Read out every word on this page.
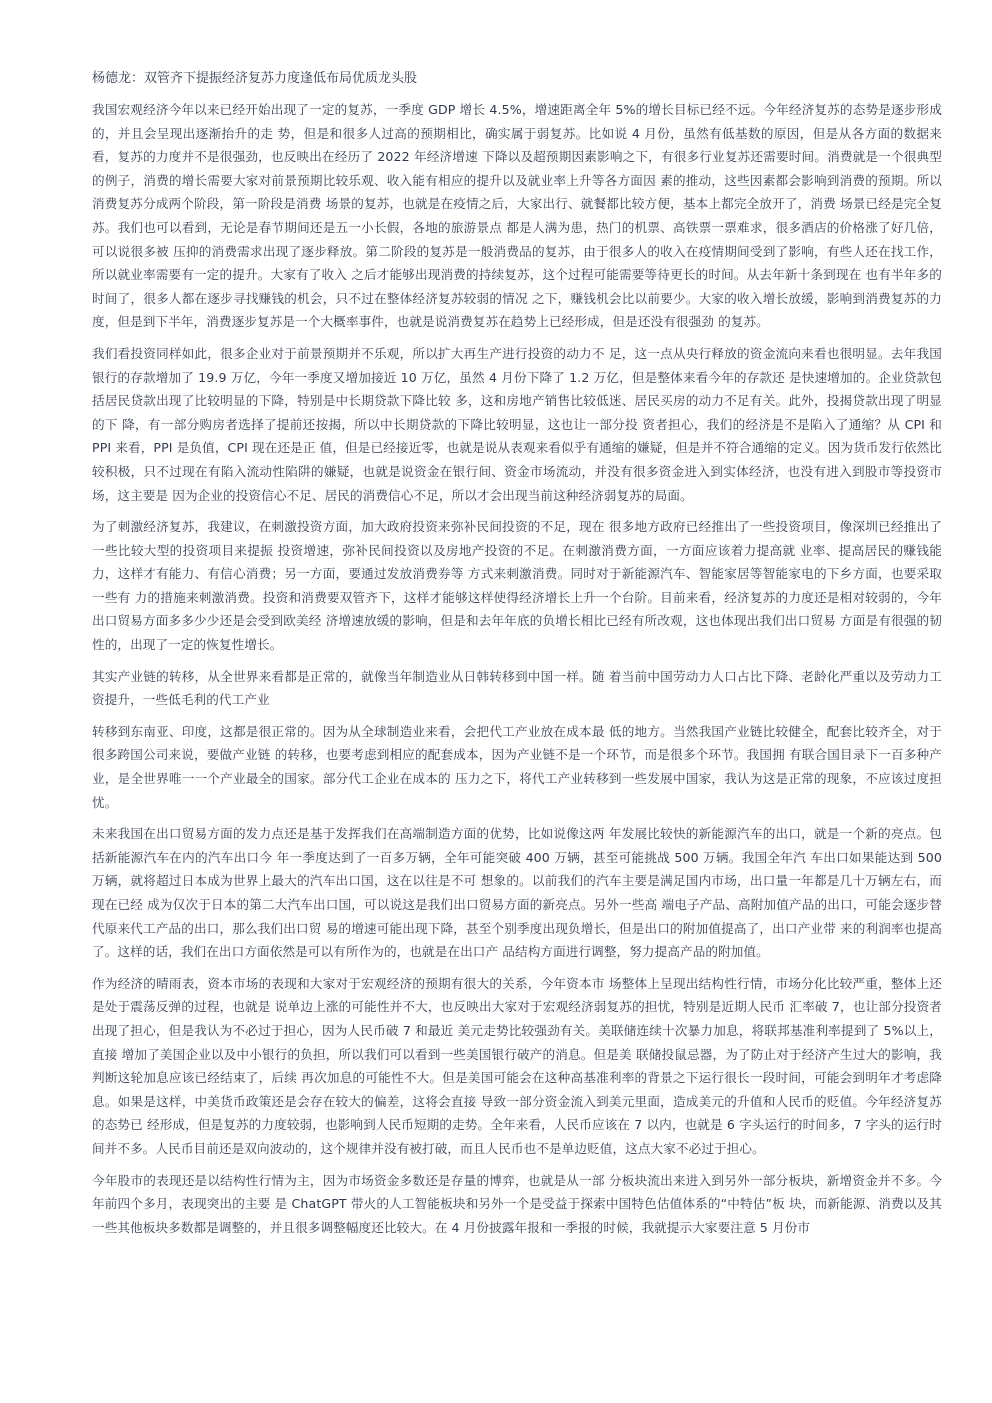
杨德龙：双管齐下提振经济复苏力度逢低布局优质龙头股

我国宏观经济今年以来已经开始出现了一定的复苏，一季度 GDP 增长 4.5%，增速距离全年 5%的增长目标已经不远。今年经济复苏的态势是逐步形成的，并且会呈现出逐渐抬升的走 势，但是和很多人过高的预期相比，确实属于弱复苏。比如说 4 月份，虽然有低基数的原因，但是从各方面的数据来看，复苏的力度并不是很强劲，也反映出在经历了 2022 年经济增速 下降以及超预期因素影响之下，有很多行业复苏还需要时间。消费就是一个很典型的例子，消费的增长需要大家对前景预期比较乐观、收入能有相应的提升以及就业率上升等各方面因 素的推动，这些因素都会影响到消费的预期。所以消费复苏分成两个阶段，第一阶段是消费 场景的复苏，也就是在疫情之后，大家出行、就餐都比较方便，基本上都完全放开了，消费 场景已经是完全复苏。我们也可以看到，无论是春节期间还是五一小长假，各地的旅游景点 都是人满为患，热门的机票、高铁票一票难求，很多酒店的价格涨了好几倍，可以说很多被 压抑的消费需求出现了逐步释放。第二阶段的复苏是一般消费品的复苏，由于很多人的收入在疫情期间受到了影响，有些人还在找工作，所以就业率需要有一定的提升。大家有了收入 之后才能够出现消费的持续复苏，这个过程可能需要等待更长的时间。从去年新十条到现在 也有半年多的时间了，很多人都在逐步寻找赚钱的机会，只不过在整体经济复苏较弱的情况 之下，赚钱机会比以前要少。大家的收入增长放缓，影响到消费复苏的力度，但是到下半年，消费逐步复苏是一个大概率事件，也就是说消费复苏在趋势上已经形成，但是还没有很强劲 的复苏。

我们看投资同样如此，很多企业对于前景预期并不乐观，所以扩大再生产进行投资的动力不 足，这一点从央行释放的资金流向来看也很明显。去年我国银行的存款增加了 19.9 万亿，今年一季度又增加接近 10 万亿，虽然 4 月份下降了 1.2 万亿，但是整体来看今年的存款还 是快速增加的。企业贷款包括居民贷款出现了比较明显的下降，特别是中长期贷款下降比较 多，这和房地产销售比较低迷、居民买房的动力不足有关。此外，投揭贷款出现了明显的下 降，有一部分购房者选择了提前还按揭，所以中长期贷款的下降比较明显，这也让一部分投 资者担心，我们的经济是不是陷入了通缩？从 CPI 和 PPI 来看，PPI 是负值，CPI 现在还是正 值，但是已经接近零，也就是说从表观来看似乎有通缩的嫌疑，但是并不符合通缩的定义。因为货币发行依然比较积极，只不过现在有陷入流动性陷阱的嫌疑，也就是说资金在银行间、资金市场流动，并没有很多资金进入到实体经济，也没有进入到股市等投资市场，这主要是 因为企业的投资信心不足、居民的消费信心不足，所以才会出现当前这种经济弱复苏的局面。

为了刺激经济复苏，我建议，在刺激投资方面，加大政府投资来弥补民间投资的不足，现在 很多地方政府已经推出了一些投资项目，像深圳已经推出了一些比较大型的投资项目来提振 投资增速，弥补民间投资以及房地产投资的不足。在刺激消费方面，一方面应该着力提高就 业率、提高居民的赚钱能力，这样才有能力、有信心消费；另一方面，要通过发放消费券等 方式来刺激消费。同时对于新能源汽车、智能家居等智能家电的下乡方面，也要采取一些有 力的措施来刺激消费。投资和消费要双管齐下，这样才能够这样使得经济增长上升一个台阶。目前来看，经济复苏的力度还是相对较弱的，今年出口贸易方面多多少少还是会受到欧美经 济增速放缓的影响，但是和去年年底的负增长相比已经有所改观，这也体现出我们出口贸易 方面是有很强的韧性的，出现了一定的恢复性增长。

其实产业链的转移，从全世界来看都是正常的，就像当年制造业从日韩转移到中国一样。随 着当前中国劳动力人口占比下降、老龄化严重以及劳动力工资提升，一些低毛利的代工产业

转移到东南亚、印度，这都是很正常的。因为从全球制造业来看，会把代工产业放在成本最 低的地方。当然我国产业链比较健全，配套比较齐全，对于很多跨国公司来说，要做产业链 的转移，也要考虑到相应的配套成本，因为产业链不是一个环节，而是很多个环节。我国拥 有联合国目录下一百多种产业，是全世界唯一一个产业最全的国家。部分代工企业在成本的 压力之下，将代工产业转移到一些发展中国家，我认为这是正常的现象，不应该过度担忧。

未来我国在出口贸易方面的发力点还是基于发挥我们在高端制造方面的优势，比如说像这两 年发展比较快的新能源汽车的出口，就是一个新的亮点。包括新能源汽车在内的汽车出口今 年一季度达到了一百多万辆，全年可能突破 400 万辆，甚至可能挑战 500 万辆。我国全年汽 车出口如果能达到 500 万辆，就将超过日本成为世界上最大的汽车出口国，这在以往是不可 想象的。以前我们的汽车主要是满足国内市场，出口量一年都是几十万辆左右，而现在已经 成为仅次于日本的第二大汽车出口国，可以说这是我们出口贸易方面的新亮点。另外一些高 端电子产品、高附加值产品的出口，可能会逐步替代原来代工产品的出口，那么我们出口贸 易的增速可能出现下降，甚至个别季度出现负增长，但是出口的附加值提高了，出口产业带 来的利润率也提高了。这样的话，我们在出口方面依然是可以有所作为的，也就是在出口产 品结构方面进行调整，努力提高产品的附加值。

作为经济的晴雨表，资本市场的表现和大家对于宏观经济的预期有很大的关系，今年资本市 场整体上呈现出结构性行情，市场分化比较严重，整体上还是处于震荡反弹的过程，也就是 说单边上涨的可能性并不大，也反映出大家对于宏观经济弱复苏的担忧，特别是近期人民币 汇率破 7，也让部分投资者出现了担心，但是我认为不必过于担心，因为人民币破 7 和最近 美元走势比较强劲有关。美联储连续十次暴力加息，将联邦基准利率提到了 5%以上，直接 增加了美国企业以及中小银行的负担，所以我们可以看到一些美国银行破产的消息。但是美 联储投鼠忌器，为了防止对于经济产生过大的影响，我判断这轮加息应该已经结束了，后续 再次加息的可能性不大。但是美国可能会在这种高基准利率的背景之下运行很长一段时间，可能会到明年才考虑降息。如果是这样，中美货币政策还是会存在较大的偏差，这将会直接 导致一部分资金流入到美元里面，造成美元的升值和人民币的贬值。今年经济复苏的态势已 经形成，但是复苏的力度较弱，也影响到人民币短期的走势。全年来看，人民币应该在 7 以内，也就是 6 字头运行的时间多，7 字头的运行时间并不多。人民币目前还是双向波动的，这个规律并没有被打破，而且人民币也不是单边贬值，这点大家不必过于担心。

今年股市的表现还是以结构性行情为主，因为市场资金多数还是存量的博弈，也就是从一部 分板块流出来进入到另外一部分板块，新增资金并不多。今年前四个多月，表现突出的主要 是 ChatGPT 带火的人工智能板块和另外一个是受益于探索中国特色估值体系的“中特估”板 块，而新能源、消费以及其一些其他板块多数都是调整的，并且很多调整幅度还比较大。在 4 月份披露年报和一季报的时候，我就提示大家要注意 5 月份市
